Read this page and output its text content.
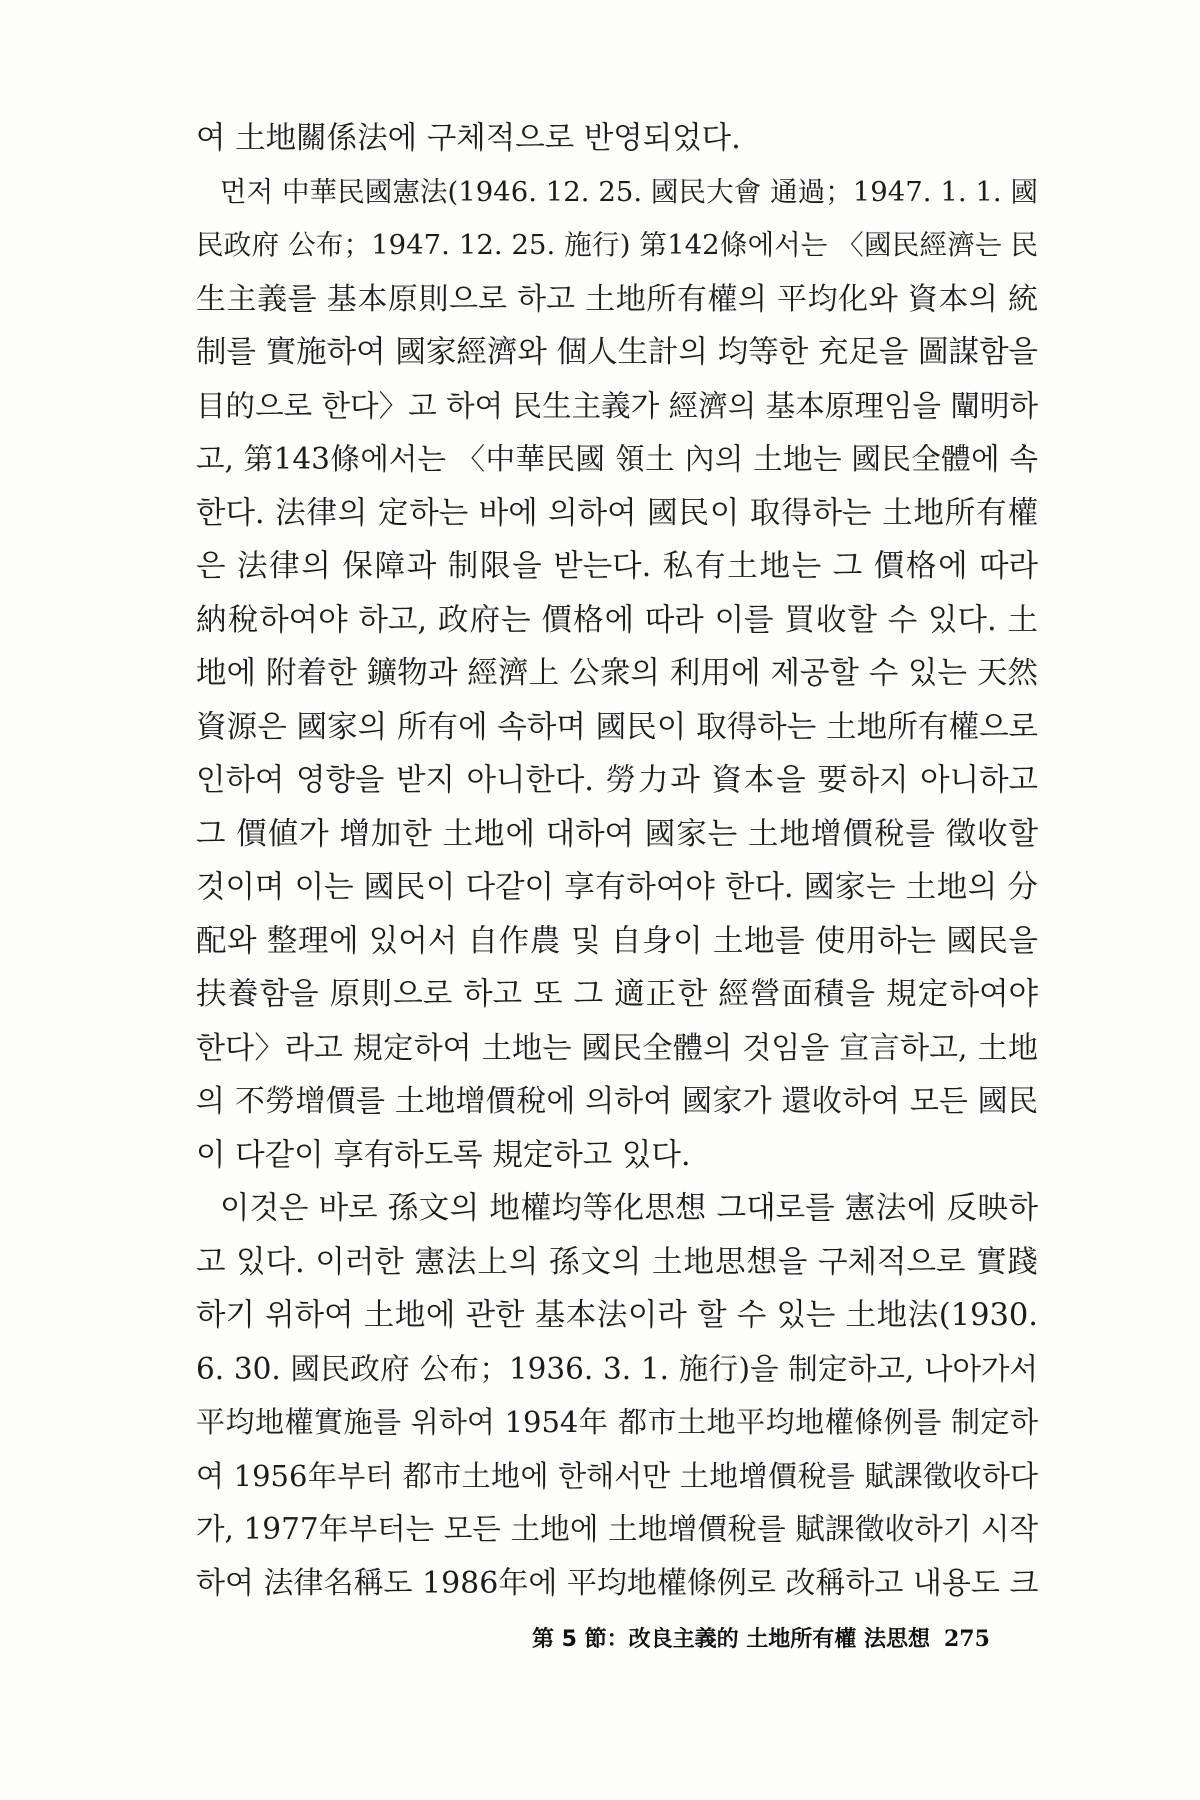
여 土地關係法에 구체적으로 반영되었다.
먼저 中華民國憲法(1946. 12. 25. 國民大會 通過；1947. 1. 1. 國
民政府 公布；1947. 12. 25. 施行) 第142條에서는 〈國民經濟는 民
生主義를 基本原則으로 하고 土地所有權의 平均化와 資本의 統
制를 實施하여 國家經濟와 個人生計의 均等한 充足을 圖謀함을
目的으로 한다〉고 하여 民生主義가 經濟의 基本原理임을 闡明하
고, 第143條에서는 〈中華民國 領土 內의 土地는 國民全體에 속
한다. 法律의 定하는 바에 의하여 國民이 取得하는 土地所有權
은 法律의 保障과 制限을 받는다. 私有土地는 그 價格에 따라
納稅하여야 하고, 政府는 價格에 따라 이를 買收할 수 있다. 土
地에 附着한 鑛物과 經濟上 公衆의 利用에 제공할 수 있는 天然
資源은 國家의 所有에 속하며 國民이 取得하는 土地所有權으로
인하여 영향을 받지 아니한다. 勞力과 資本을 要하지 아니하고
그 價値가 增加한 土地에 대하여 國家는 土地增價稅를 徵收할
것이며 이는 國民이 다같이 享有하여야 한다. 國家는 土地의 分
配와 整理에 있어서 自作農 및 自身이 土地를 使用하는 國民을
扶養함을 原則으로 하고 또 그 適正한 經營面積을 規定하여야
한다〉라고 規定하여 土地는 國民全體의 것임을 宣言하고, 土地
의 不勞增價를 土地增價稅에 의하여 國家가 還收하여 모든 國民
이 다같이 享有하도록 規定하고 있다.
이것은 바로 孫文의 地權均等化思想 그대로를 憲法에 反映하
고 있다. 이러한 憲法上의 孫文의 土地思想을 구체적으로 實踐
하기 위하여 土地에 관한 基本法이라 할 수 있는 土地法(1930.
6. 30. 國民政府 公布；1936. 3. 1. 施行)을 制定하고, 나아가서
平均地權實施를 위하여 1954年 都市土地平均地權條例를 制定하
여 1956年부터 都市土地에 한해서만 土地增價稅를 賦課徵收하다
가, 1977年부터는 모든 土地에 土地增價稅를 賦課徵收하기 시작
하여 法律名稱도 1986年에 平均地權條例로 改稱하고 내용도 크
第 5 節：改良主義的 土地所有權 法思想 275
